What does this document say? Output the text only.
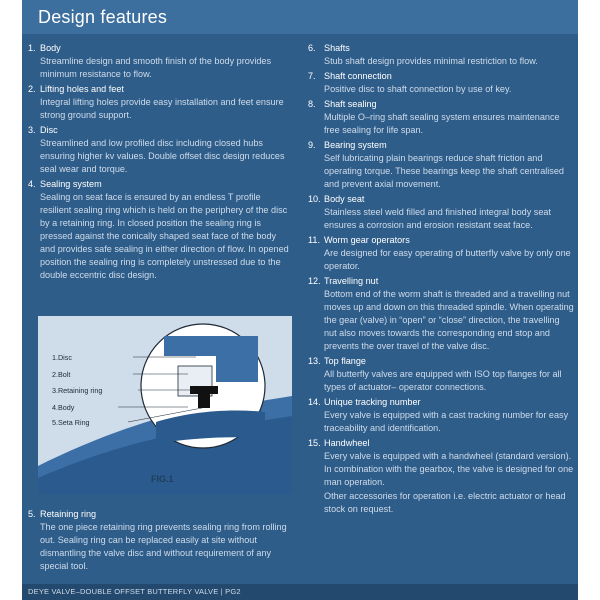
Design features
1. Body

Streamline design and smooth finish of the body provides minimum resistance to flow.

2. Lifting holes and feet

Integral lifting holes provide easy installation and feet ensure strong ground support.

3. Disc

Streamlined and low profiled disc including closed hubs ensuring higher kv values. Double offset disc design reduces seal wear and torque.

4. Sealing system

Sealing on seat face is ensured by an endless T profile resilient sealing ring which is held on the periphery of the disc by a retaining ring. In closed position the sealing ring is pressed against the conically shaped seat face of the body and provides safe sealing in either direction of flow. In opened position the sealing ring is completely unstressed due to the double eccentric disc design.

1.Disc
2.Bolt
3.Retaining ring
4.Body
5.Seta Ring
FIG.1
5. Retaining ring

The one piece retaining ring prevents sealing ring from rolling out. Sealing ring can be replaced easily at site without dismantling the valve disc and without requirement of any special tool.

6. Shafts

Stub shaft design provides minimal restriction to flow.

7. Shaft connection

Positive disc to shaft connection by use of key.

8. Shaft sealing

Multiple O–ring shaft sealing system ensures maintenance free sealing for life span.

9. Bearing system

Self lubricating plain bearings reduce shaft friction and operating torque. These bearings keep the shaft centralised and prevent axial movement.

10. Body seat

Stainless steel weld filled and finished integral body seat ensures a corrosion and erosion resistant seat face.

11. Worm gear operators

Are designed for easy operating of butterfly valve by only one operator.

12. Travelling nut

Bottom end of the worm shaft is threaded and a travelling nut moves up and down on this threaded spindle. When operating the gear (valve) in “open” or “close” direction, the travelling nut also moves towards the corresponding end stop and prevents the over travel of the valve disc.

13. Top flange

All butterfly valves are equipped with ISO top flanges for all types of actuator– operator connections.

14. Unique tracking number

Every valve is equipped with a cast tracking number for easy traceability and identification.

15. Handwheel

Every valve is equipped with a handwheel (standard version). In combination with the gearbox, the valve is designed for one man operation.

Other accessories for operation i.e. electric actuator or head stock on request.

DEYE VALVE–DOUBLE OFFSET BUTTERFLY VALVE | PG2
